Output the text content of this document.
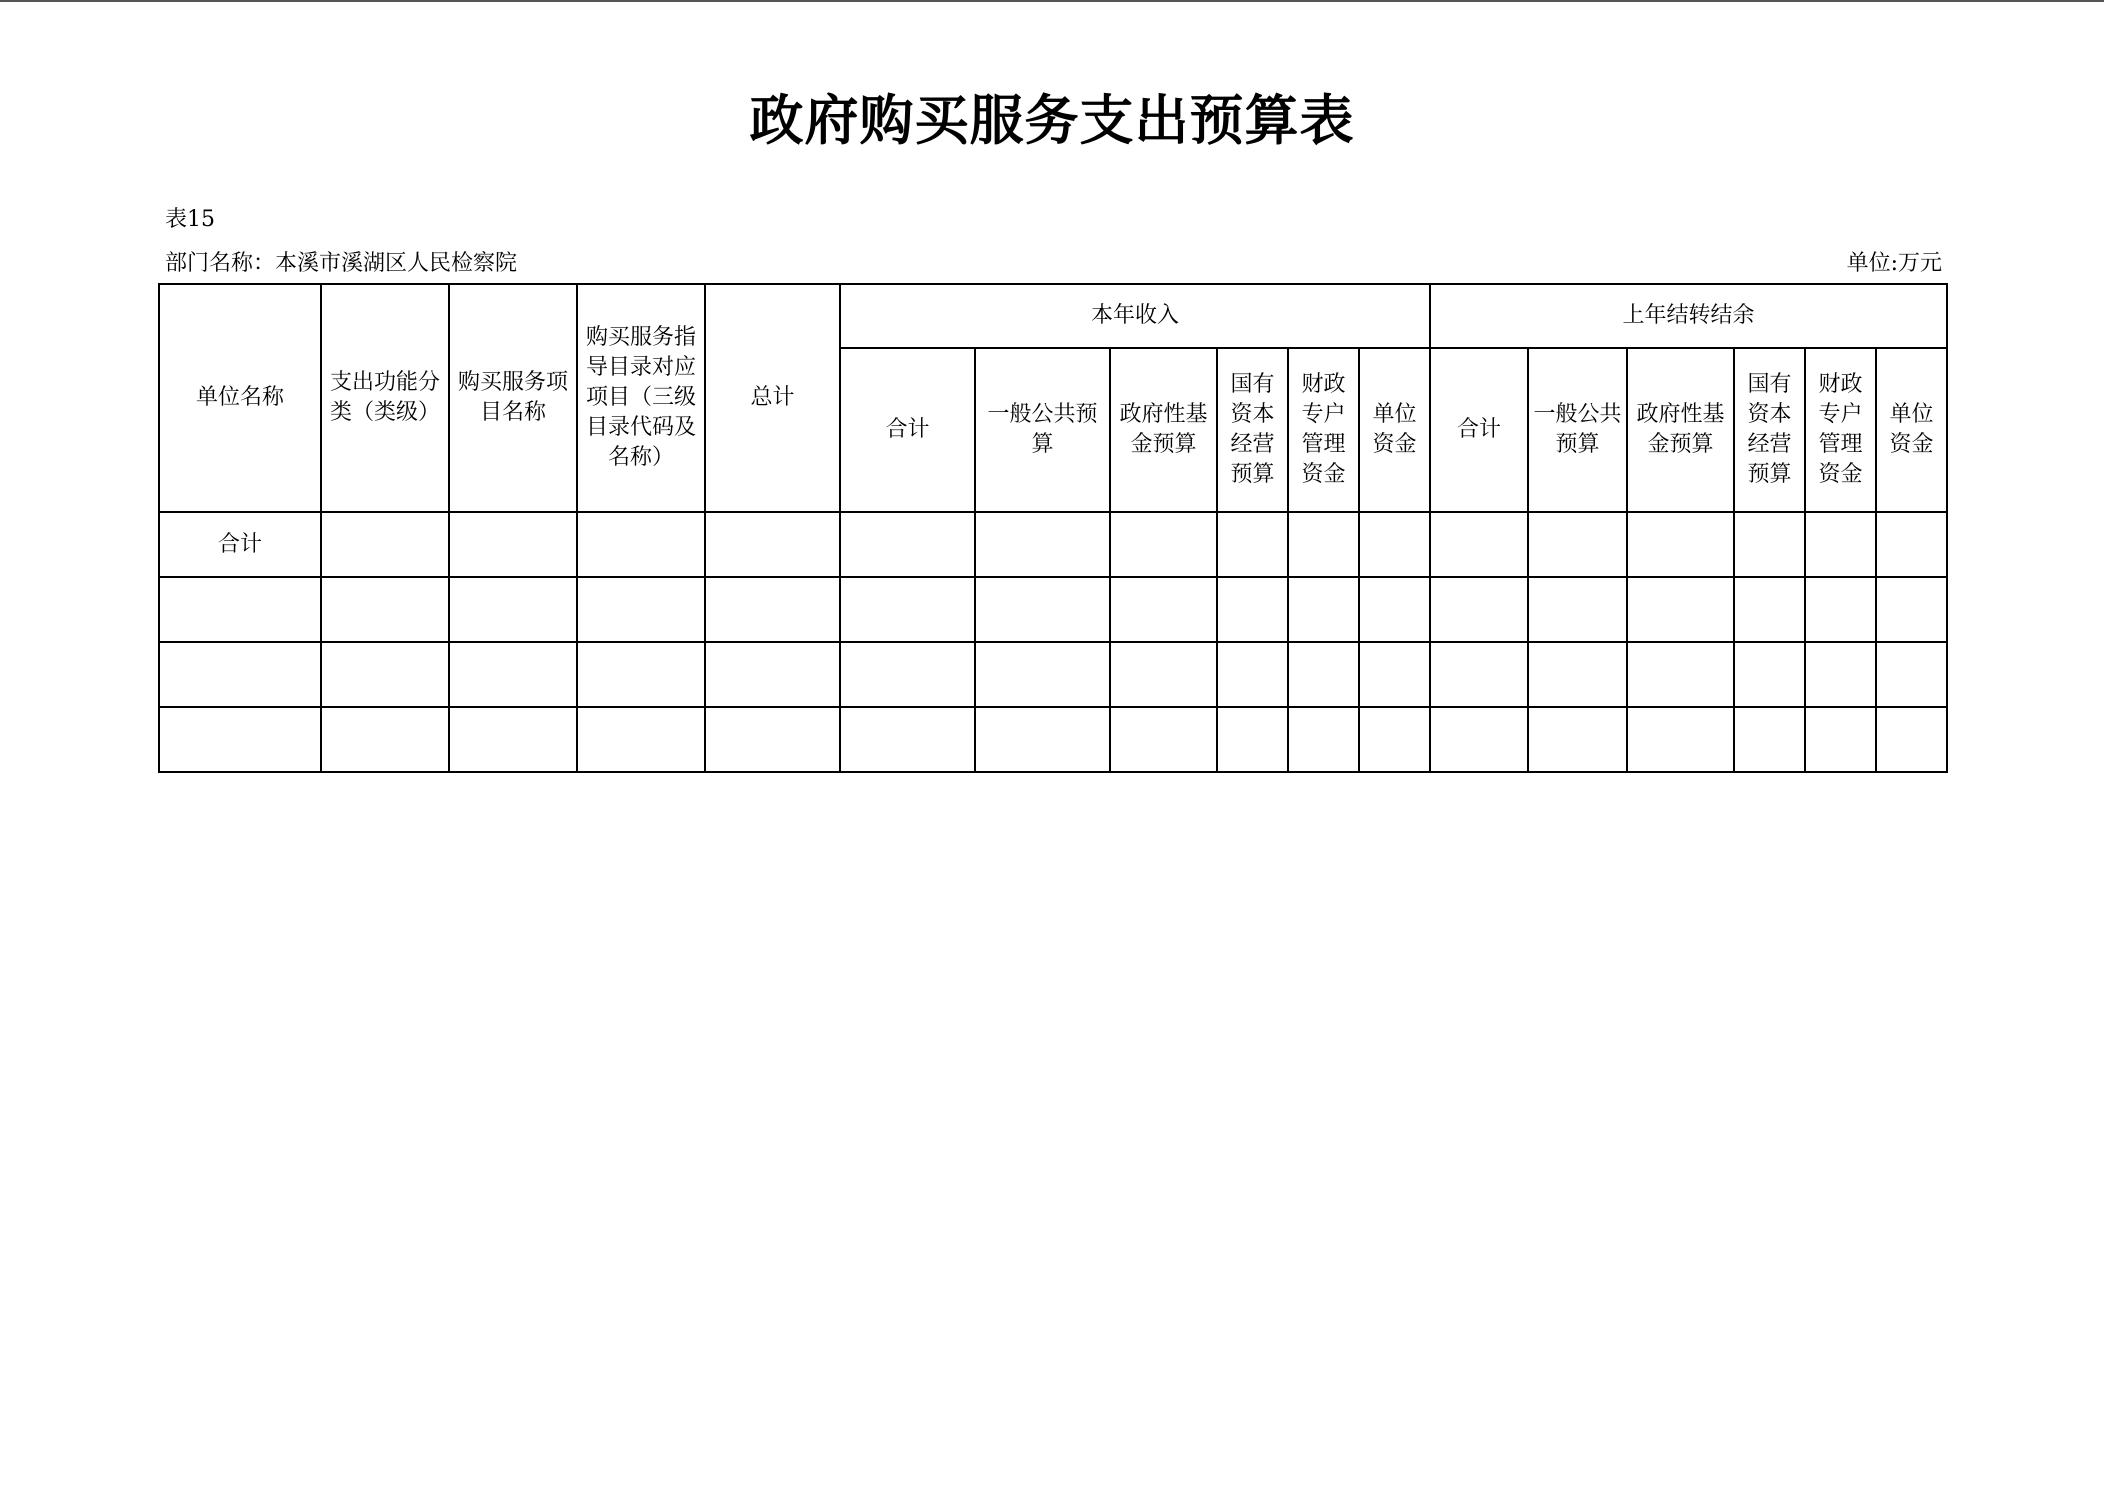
政府购买服务支出预算表
表15
部门名称：本溪市溪湖区人民检察院	单位:万元
单位名称	支出功能分类（类级）	购买服务项目名称	购买服务指导目录对应项目（三级目录代码及名称）	总计	本年收入						上年结转结余					
					合计	一般公共预算	政府性基金预算	国有资本经营预算	财政专户管理资金	单位资金	合计	一般公共预算	政府性基金预算	国有资本经营预算	财政专户管理资金	单位资金
合计																
